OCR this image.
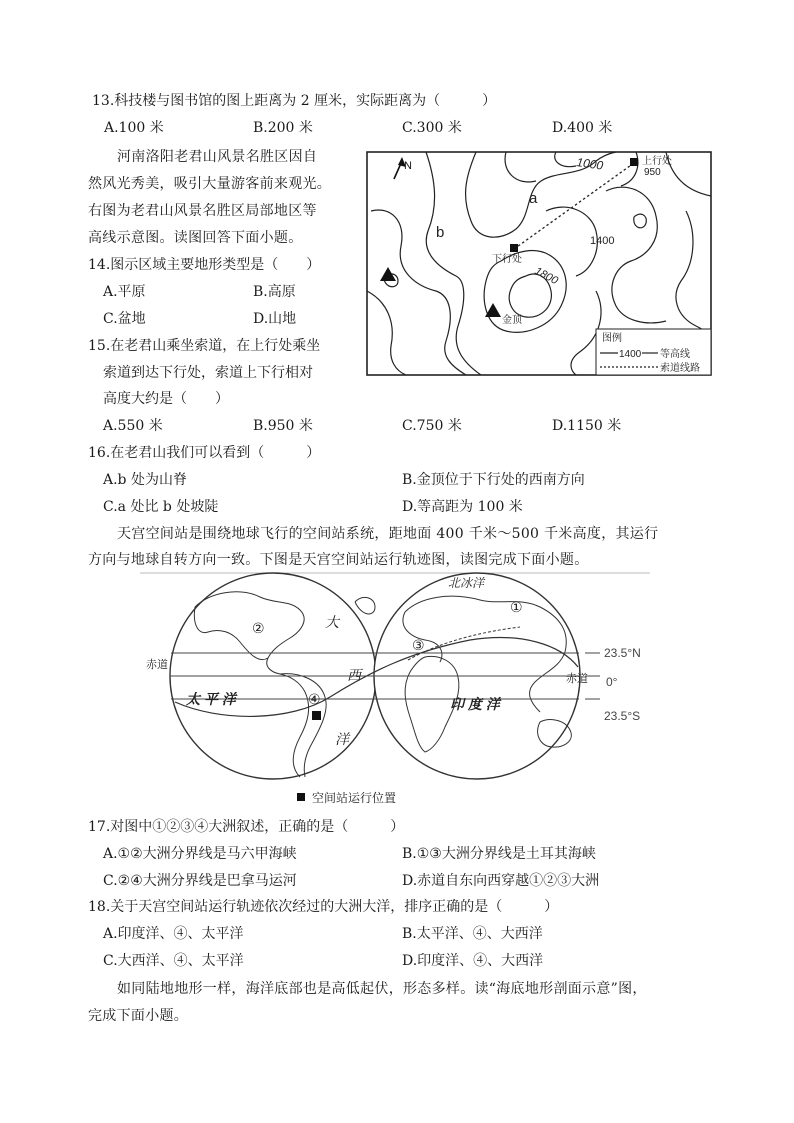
13.科技楼与图书馆的图上距离为 2 厘米，实际距离为（　　　）
A.100 米	B.200 米	C.300 米	D.400 米
河南洛阳老君山风景名胜区因自
然风光秀美，吸引大量游客前来观光。
右图为老君山风景名胜区局部地区等
高线示意图。读图回答下面小题。
N	1000	950
1400
1800
a
b
上行处
下行处
金顶
图例
1400 等高线
索道线路
14.图示区域主要地形类型是（　　）
A.平原	B.高原
C.盆地	D.山地
15.在老君山乘坐索道，在上行处乘坐
索道到达下行处，索道上下行相对
高度大约是（　　）
A.550 米	B.950 米	C.750 米	D.1150 米
16.在老君山我们可以看到（　　　）
A.b 处为山脊	B.金顶位于下行处的西南方向
C.a 处比 b 处坡陡	D.等高距为 100 米
天宫空间站是围绕地球飞行的空间站系统，距地面 400 千米～500 千米高度，其运行
方向与地球自转方向一致。下图是天宫空间站运行轨迹图，读图完成下面小题。
②	大
赤道
西
太 平 洋	④
洋
北冰洋
①
③
赤道
印 度 洋
23.5°N
0°
23.5°S
空间站运行位置
17.对图中①②③④大洲叙述，正确的是（　　　）
A.①②大洲分界线是马六甲海峡	B.①③大洲分界线是土耳其海峡
C.②④大洲分界线是巴拿马运河	D.赤道自东向西穿越①②③大洲
18.关于天宫空间站运行轨迹依次经过的大洲大洋，排序正确的是（　　　）
A.印度洋、④、太平洋	B.太平洋、④、大西洋
C.大西洋、④、太平洋	D.印度洋、④、大西洋
如同陆地地形一样，海洋底部也是高低起伏，形态多样。读“海底地形剖面示意”图，
完成下面小题。
